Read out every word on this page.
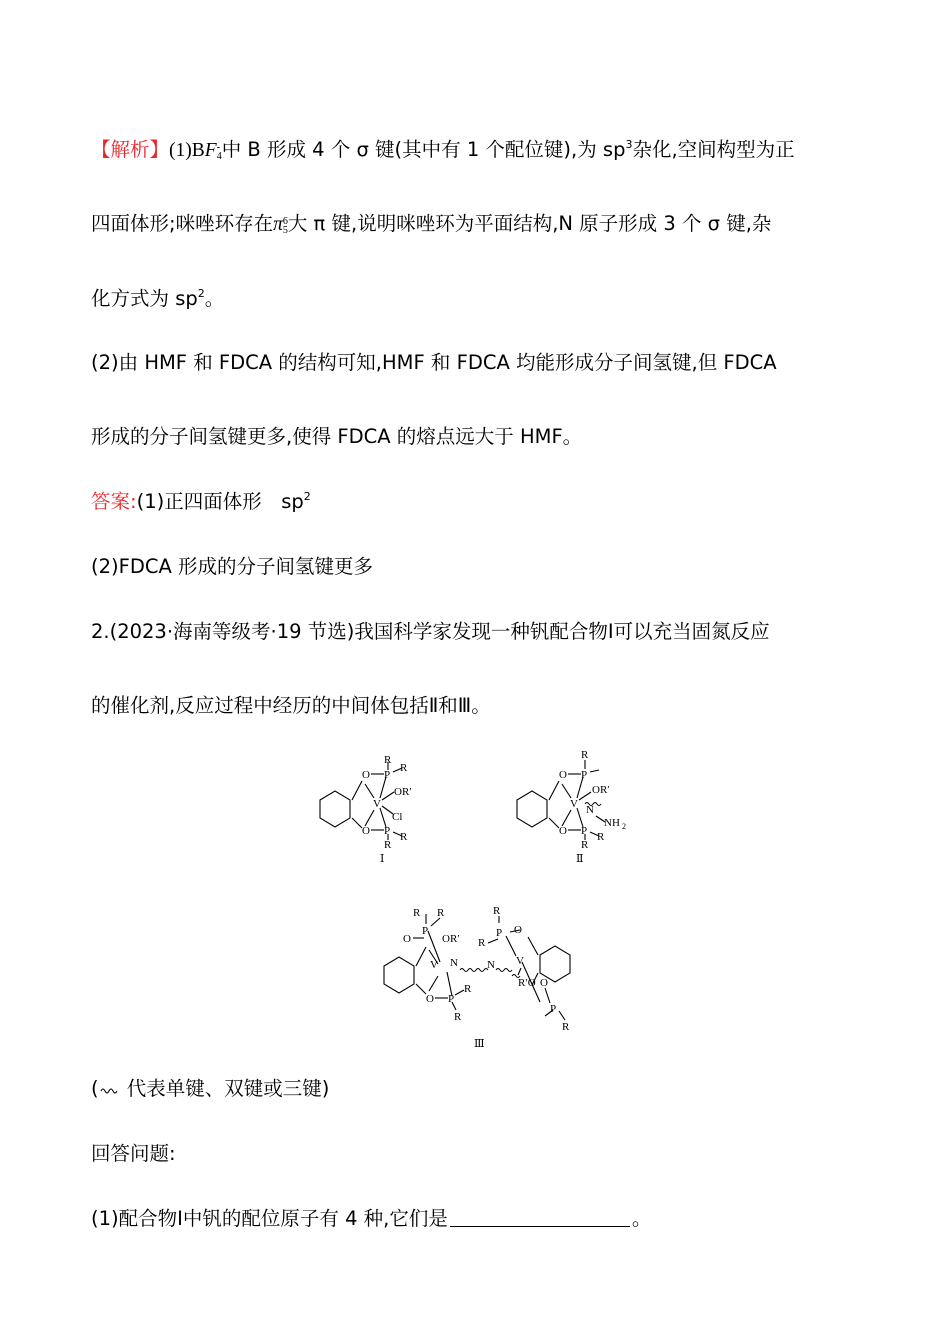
【解析】(1)BF -
4 中 B 形成 4 个 σ 键(其中有 1 个配位键),为 $sp^3$杂化,空间构型为正
四面体形;咪唑环存在π 6
5 大 π 键,说明咪唑环为平面结构,N 原子形成 3 个 σ 键,杂
化方式为 $sp^2$。
(2)由 HMF 和 FDCA 的结构可知,HMF 和 FDCA 均能形成分子间氢键,但 FDCA
形成的分子间氢键更多,使得 FDCA 的熔点远大于 HMF。
答案:(1)正四面体形　$sp^2$
(2)FDCA 形成的分子间氢键更多
2.(2023·海南等级考·19 节选)我国科学家发现一种钒配合物Ⅰ可以充当固氮反应
的催化剂,反应过程中经历的中间体包括Ⅱ和Ⅲ。
R
P
R
O
V
OR′
Cl
O P R
R
Ⅰ
R
P
O
V
OR′
N
NH 2
O P R
R
Ⅱ
R R
P
O	OR′
V N	N
O P
R
R
R
P
R
O
V
R′O O
P
R
Ⅲ
( 代表单键、双键或三键)
回答问题:
(1)配合物Ⅰ中钒的配位原子有 4 种,它们是	。
